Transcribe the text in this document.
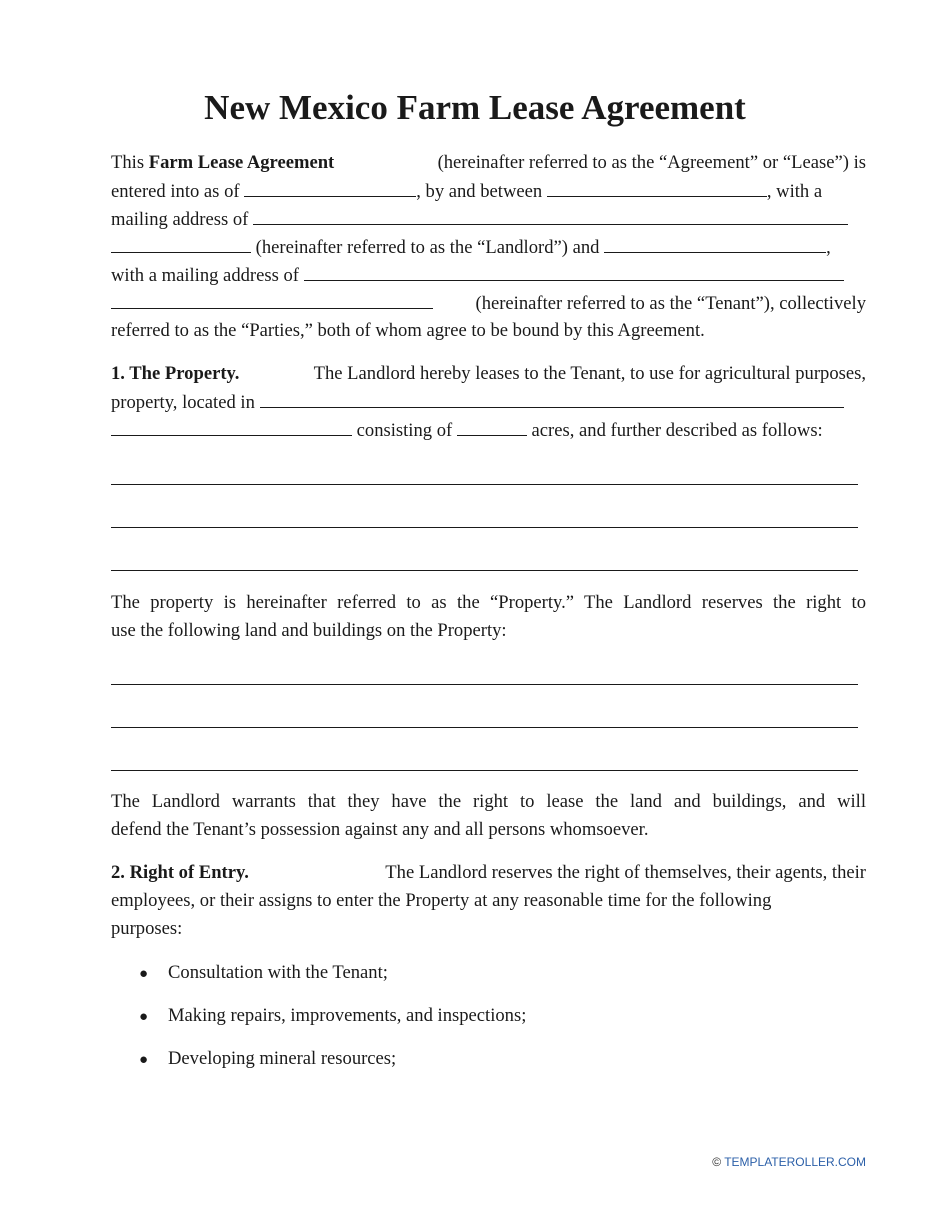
New Mexico Farm Lease Agreement
This Farm Lease Agreement	(hereinafter referred to as the “Agreement” or “Lease”) is
entered into as of	, by and between	, with a
mailing address of
(hereinafter referred to as the “Landlord”) and	,
with a mailing address of
(hereinafter referred to as the “Tenant”), collectively
referred to as the “Parties,” both of whom agree to be bound by this Agreement.
1. The Property.	The Landlord hereby leases to the Tenant, to use for agricultural purposes,
property, located in
consisting of	acres, and further described as follows:
The property is hereinafter referred to as the “Property.” The Landlord reserves the right to
use the following land and buildings on the Property:
The Landlord warrants that they have the right to lease the land and buildings, and will
defend the Tenant’s possession against any and all persons whomsoever.
2. Right of Entry.	The Landlord reserves the right of themselves, their agents, their
employees, or their assigns to enter the Property at any reasonable time for the following
purposes:
● Consultation with the Tenant;
● Making repairs, improvements, and inspections;
● Developing mineral resources;
© TEMPLATEROLLER.COM
